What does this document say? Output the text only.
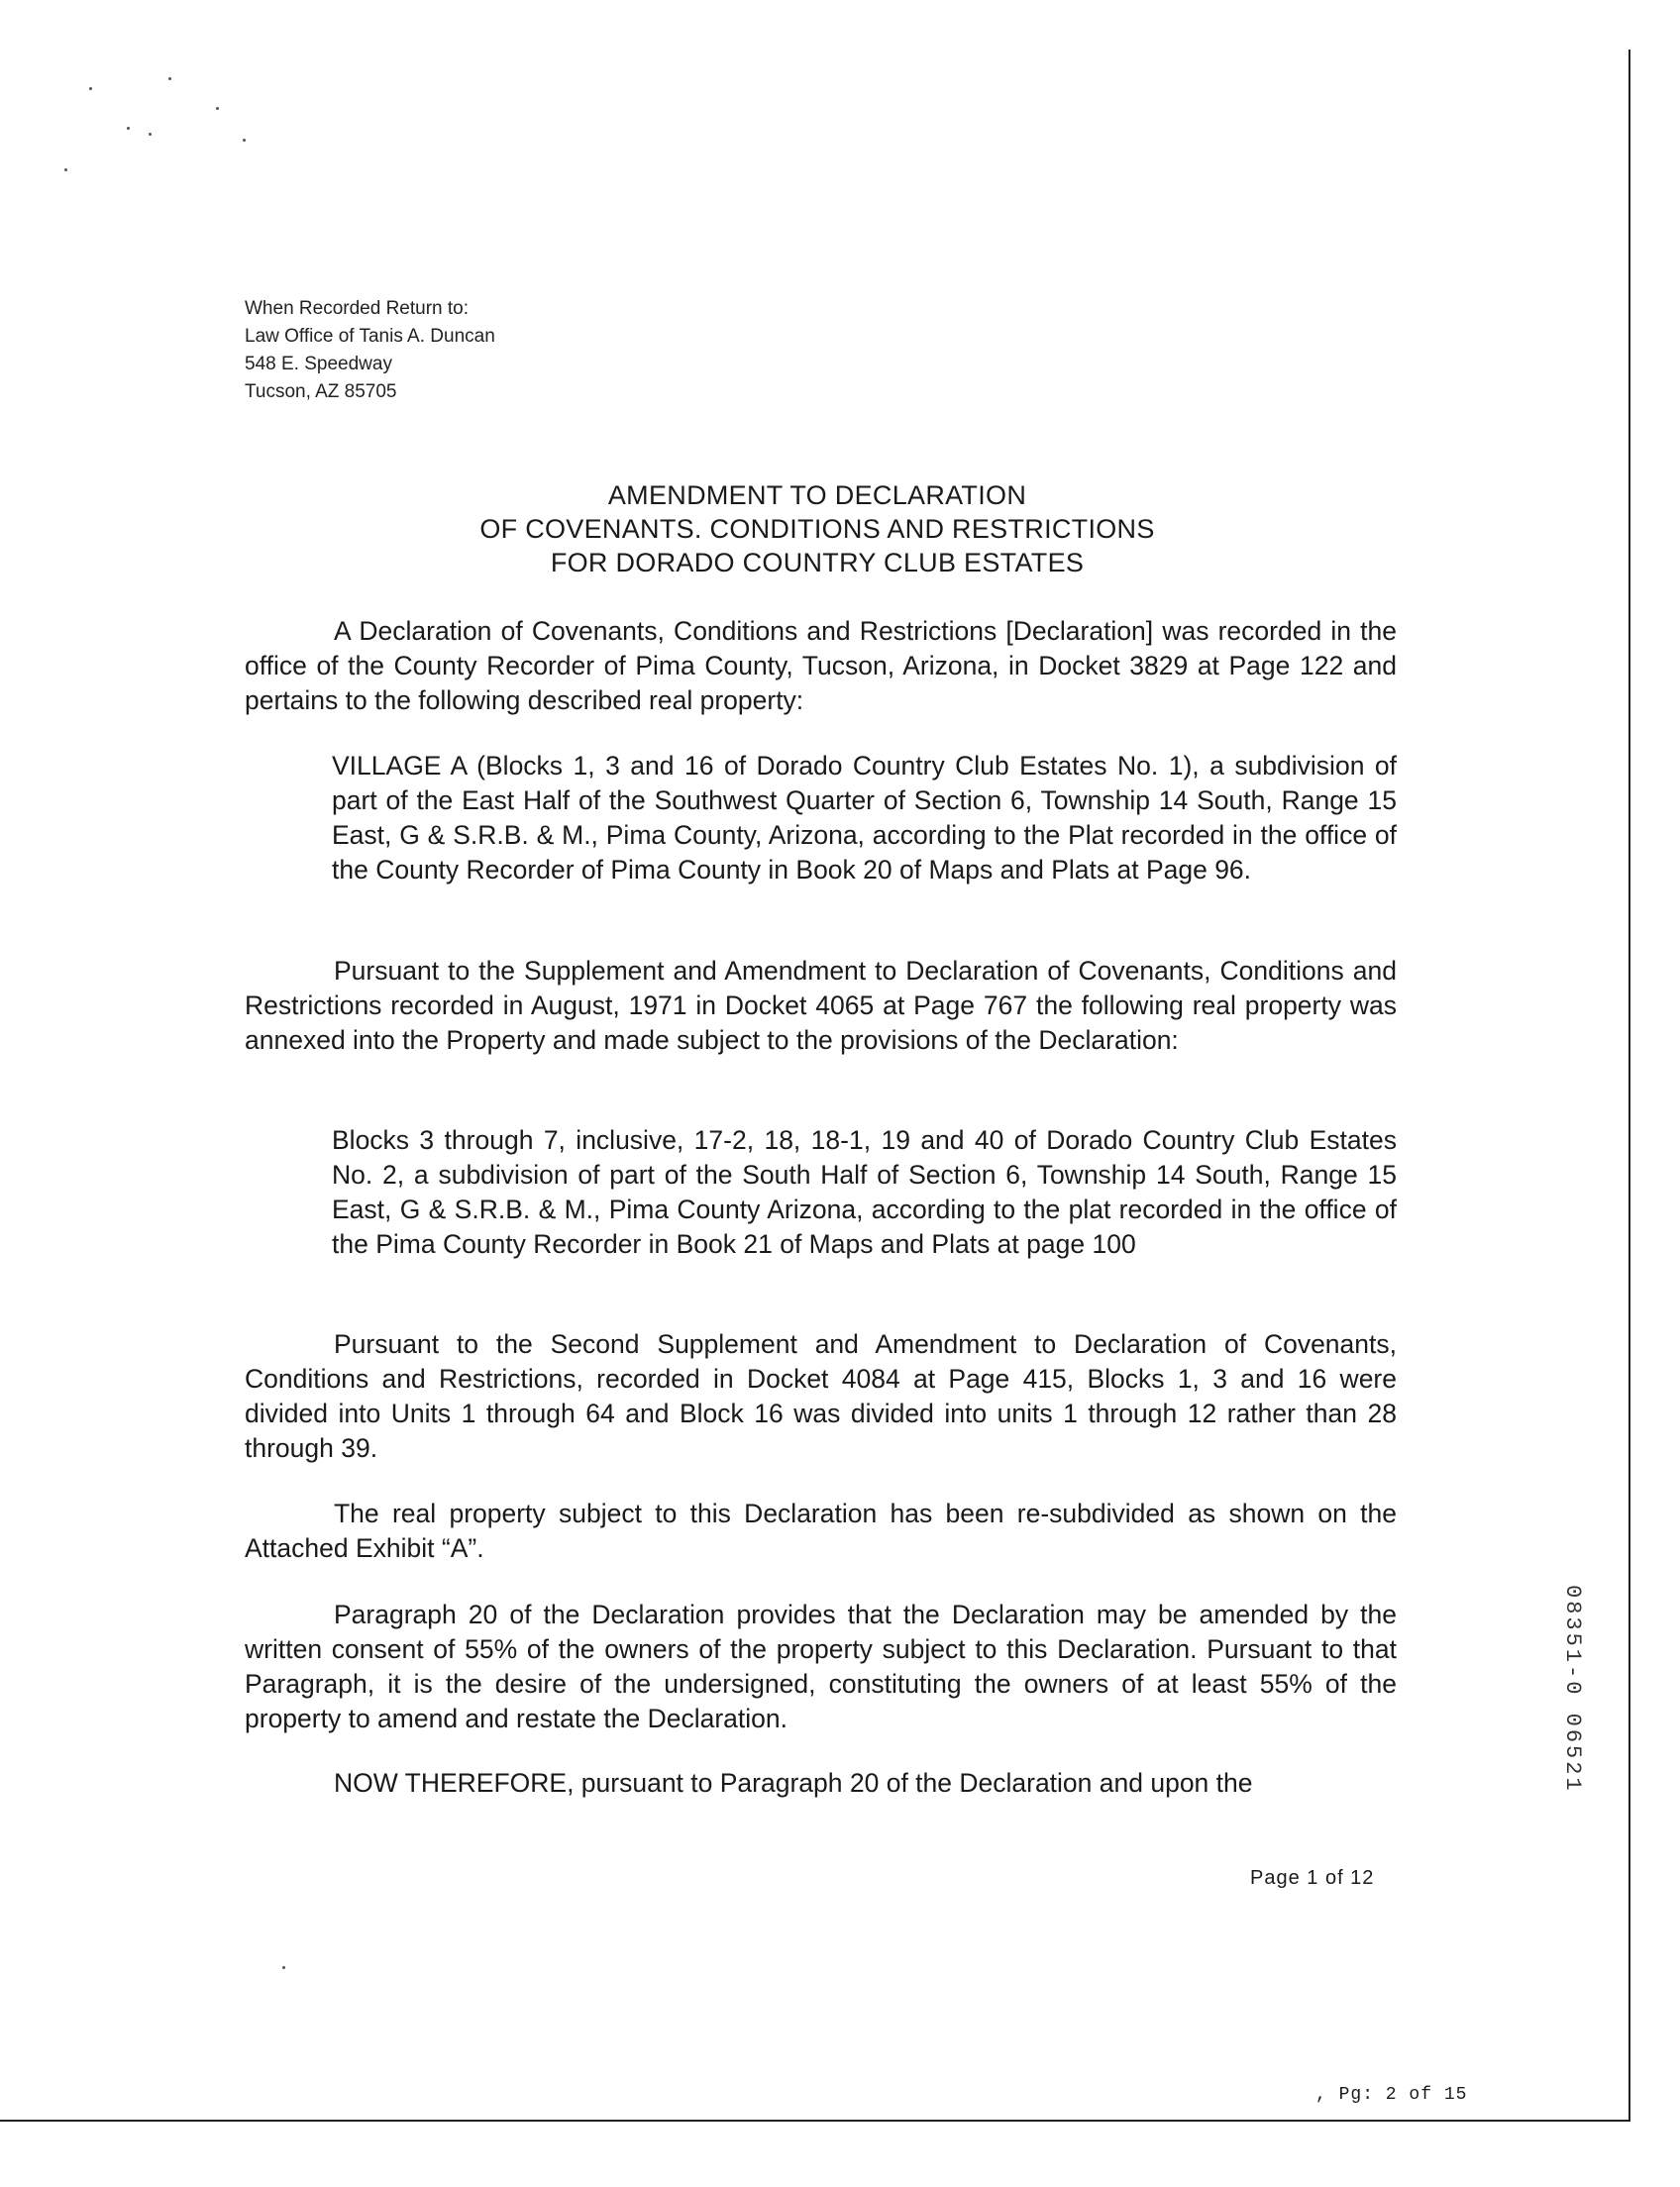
When Recorded Return to:
Law Office of Tanis A. Duncan
548 E. Speedway
Tucson, AZ 85705
AMENDMENT TO DECLARATION
OF COVENANTS. CONDITIONS AND RESTRICTIONS
FOR DORADO COUNTRY CLUB ESTATES
A Declaration of Covenants, Conditions and Restrictions [Declaration] was recorded in the office of the County Recorder of Pima County, Tucson, Arizona, in Docket 3829 at Page 122 and pertains to the following described real property:
VILLAGE A (Blocks 1, 3 and 16 of Dorado Country Club Estates No. 1), a subdivision of part of the East Half of the Southwest Quarter of Section 6, Township 14 South, Range 15 East, G & S.R.B. & M., Pima County, Arizona, according to the Plat recorded in the office of the County Recorder of Pima County in Book 20 of Maps and Plats at Page 96.
Pursuant to the Supplement and Amendment to Declaration of Covenants, Conditions and Restrictions recorded in August, 1971 in Docket 4065 at Page 767 the following real property was annexed into the Property and made subject to the provisions of the Declaration:
Blocks 3 through 7, inclusive, 17-2, 18, 18-1, 19 and 40 of Dorado Country Club Estates No. 2, a subdivision of part of the South Half of Section 6, Township 14 South, Range 15 East, G & S.R.B. & M., Pima County Arizona, according to the plat recorded in the office of the Pima County Recorder in Book 21 of Maps and Plats at page 100
Pursuant to the Second Supplement and Amendment to Declaration of Covenants, Conditions and Restrictions, recorded in Docket 4084 at Page 415, Blocks 1, 3 and 16 were divided into Units 1 through 64 and Block 16 was divided into units 1 through 12 rather than 28 through 39.
The real property subject to this Declaration has been re-subdivided as shown on the Attached Exhibit “A”.
Paragraph 20 of the Declaration provides that the Declaration may be amended by the written consent of 55% of the owners of the property subject to this Declaration. Pursuant to that Paragraph, it is the desire of the undersigned, constituting the owners of at least 55% of the property to amend and restate the Declaration.
NOW THEREFORE, pursuant to Paragraph 20 of the Declaration and upon the
Page 1 of 12
, Pg: 2 of 15
08351-0 06521
